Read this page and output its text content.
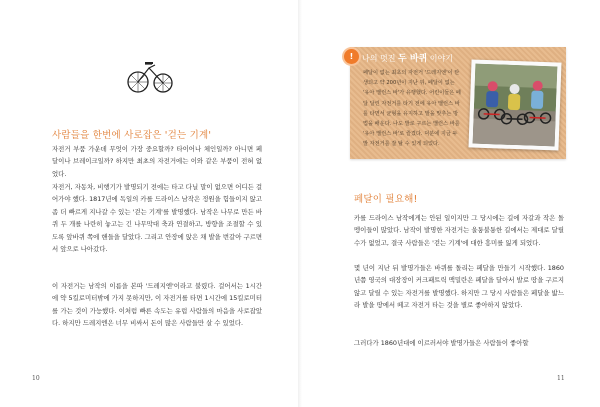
사람들을 한번에 사로잡은 '걷는 기계'
자전거 부품 가운데 무엇이 가장 중요할까? 타이어나 체인일까? 아니면 페달이나 브레이크일까? 하지만 최초의 자전거에는 이와 같은 부품이 전혀 없었다.
자전거, 자동차, 비행기가 발명되기 전에는 타고 다닐 말이 없으면 어디든 걸어가야 했다. 1817년에 독일의 카를 드라이스 남작은 정원을 힘들이지 않고 좀 더 빠르게 지나갈 수 있는 '걷는 기계'를 발명했다. 남작은 나무로 만든 바퀴 두 개를 나란히 놓고는 긴 나무막대 축과 연결하고, 방향을 조절할 수 있도록 앞바퀴 쪽에 핸들을 달았다. 그리고 안장에 앉은 채 발을 번갈아 구르면서 앞으로 나아갔다.
이 자전거는 남작의 이름을 본따 '드레지엔'이라고 불렸다. 걸어서는 1시간에 약 5킬로미터밖에 가지 못하지만, 이 자전거를 타면 1시간에 15킬로미터를 가는 것이 가능했다. 이처럼 빠른 속도는 유럽 사람들의 마음을 사로잡았다. 하지만 드레지엔은 너무 비싸서 돈이 많은 사람들만 살 수 있었다.
10
!	나의 멋진 두 바퀴 이야기
페달이 없는 최초의 자전거 '드레지엔'이 탄생되고 약 200년이 지난 뒤, 페달이 없는 '유아 밸런스 바'가 유행했다. 어린이들은 페달 달린 자전거를 타기 전에 유아 밸런스 바를 타면서 균형을 유지하고 발을 맞추는 방법을 배운다. 나도 발로 구르는 밸런스 바를 '유아 밸런스 바'로 즐겼다. 덕분에 지금 두발 자전거를 잘 탈 수 있게 되었다.
페달이 필요해!
카를 드라이스 남작에게는 안된 일이지만 그 당시에는 길에 자갈과 작은 돌멩이들이 많았다. 남작이 발명한 자전거는 울퉁불퉁한 길에서는 제대로 달릴 수가 없었고, 결국 사람들은 '걷는 기계'에 대한 흥미를 잃게 되었다.
몇 년이 지난 뒤 발명가들은 바퀴를 돌리는 페달을 만들기 시작했다. 1860년쯤 영국의 대장장이 커크패트릭 맥밀란은 페달을 달아서 발로 땅을 구르지 않고 달릴 수 있는 자전거를 발명했다. 하지만 그 당시 사람들은 페달을 밟느라 발을 땅에서 떼고 자전거 타는 것을 별로 좋아하지 않았다.
그러다가 1860년대에 이르러서야 발명가들은 사람들이 좋아할
11
